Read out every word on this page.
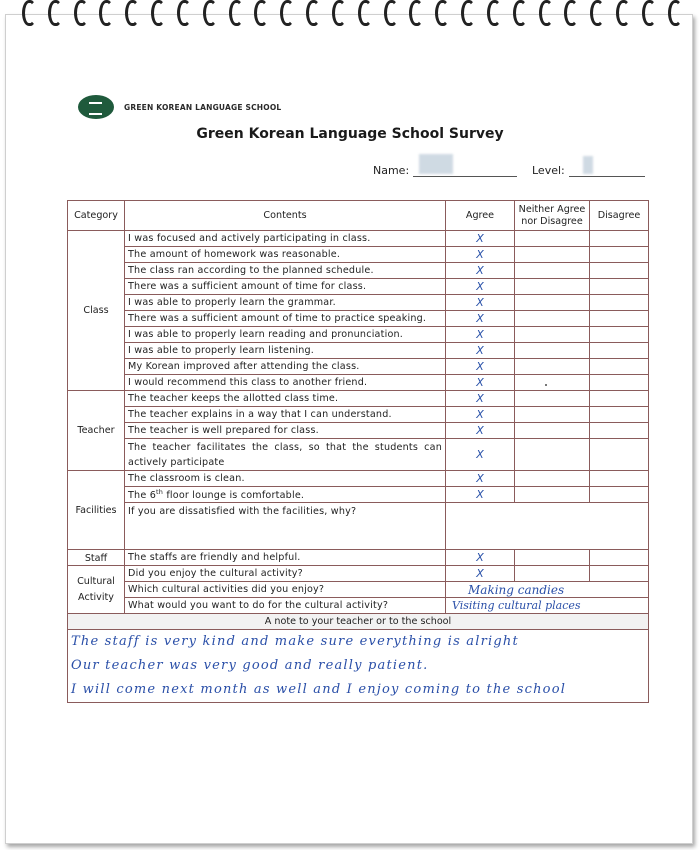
GREEN KOREAN LANGUAGE SCHOOL
Green Korean Language School Survey
Name:	Level:
Category	Contents	Agree	Neither Agree nor Disagree	Disagree
Class	I was focused and actively participating in class.	X		
	The amount of homework was reasonable.	X		
	The class ran according to the planned schedule.	X		
	There was a sufficient amount of time for class.	X		
	I was able to properly learn the grammar.	X		
	There was a sufficient amount of time to practice speaking.	X		
	I was able to properly learn reading and pronunciation.	X		
	I was able to properly learn listening.	X		
	My Korean improved after attending the class.	X		
	I would recommend this class to another friend.	X		
Teacher	The teacher keeps the allotted class time.	X		
	The teacher explains in a way that I can understand.	X		
	The teacher is well prepared for class.	X		
	The teacher facilitates the class, so that the students can actively participate	X		
Facilities	The classroom is clean.	X		
	The 6th floor lounge is comfortable.	X		
	If you are dissatisfied with the facilities, why?			
Staff	The staffs are friendly and helpful.	X		
Cultural
Activity	Did you enjoy the cultural activity?	X		
	Which cultural activities did you enjoy?	Making candies		
	What would you want to do for the cultural activity?	Visiting cultural places		
A note to your teacher or to the school				

The staff is very kind and make sure everything is alright
Our teacher was very good and really patient.
I will come next month as well and I enjoy coming to the school				
